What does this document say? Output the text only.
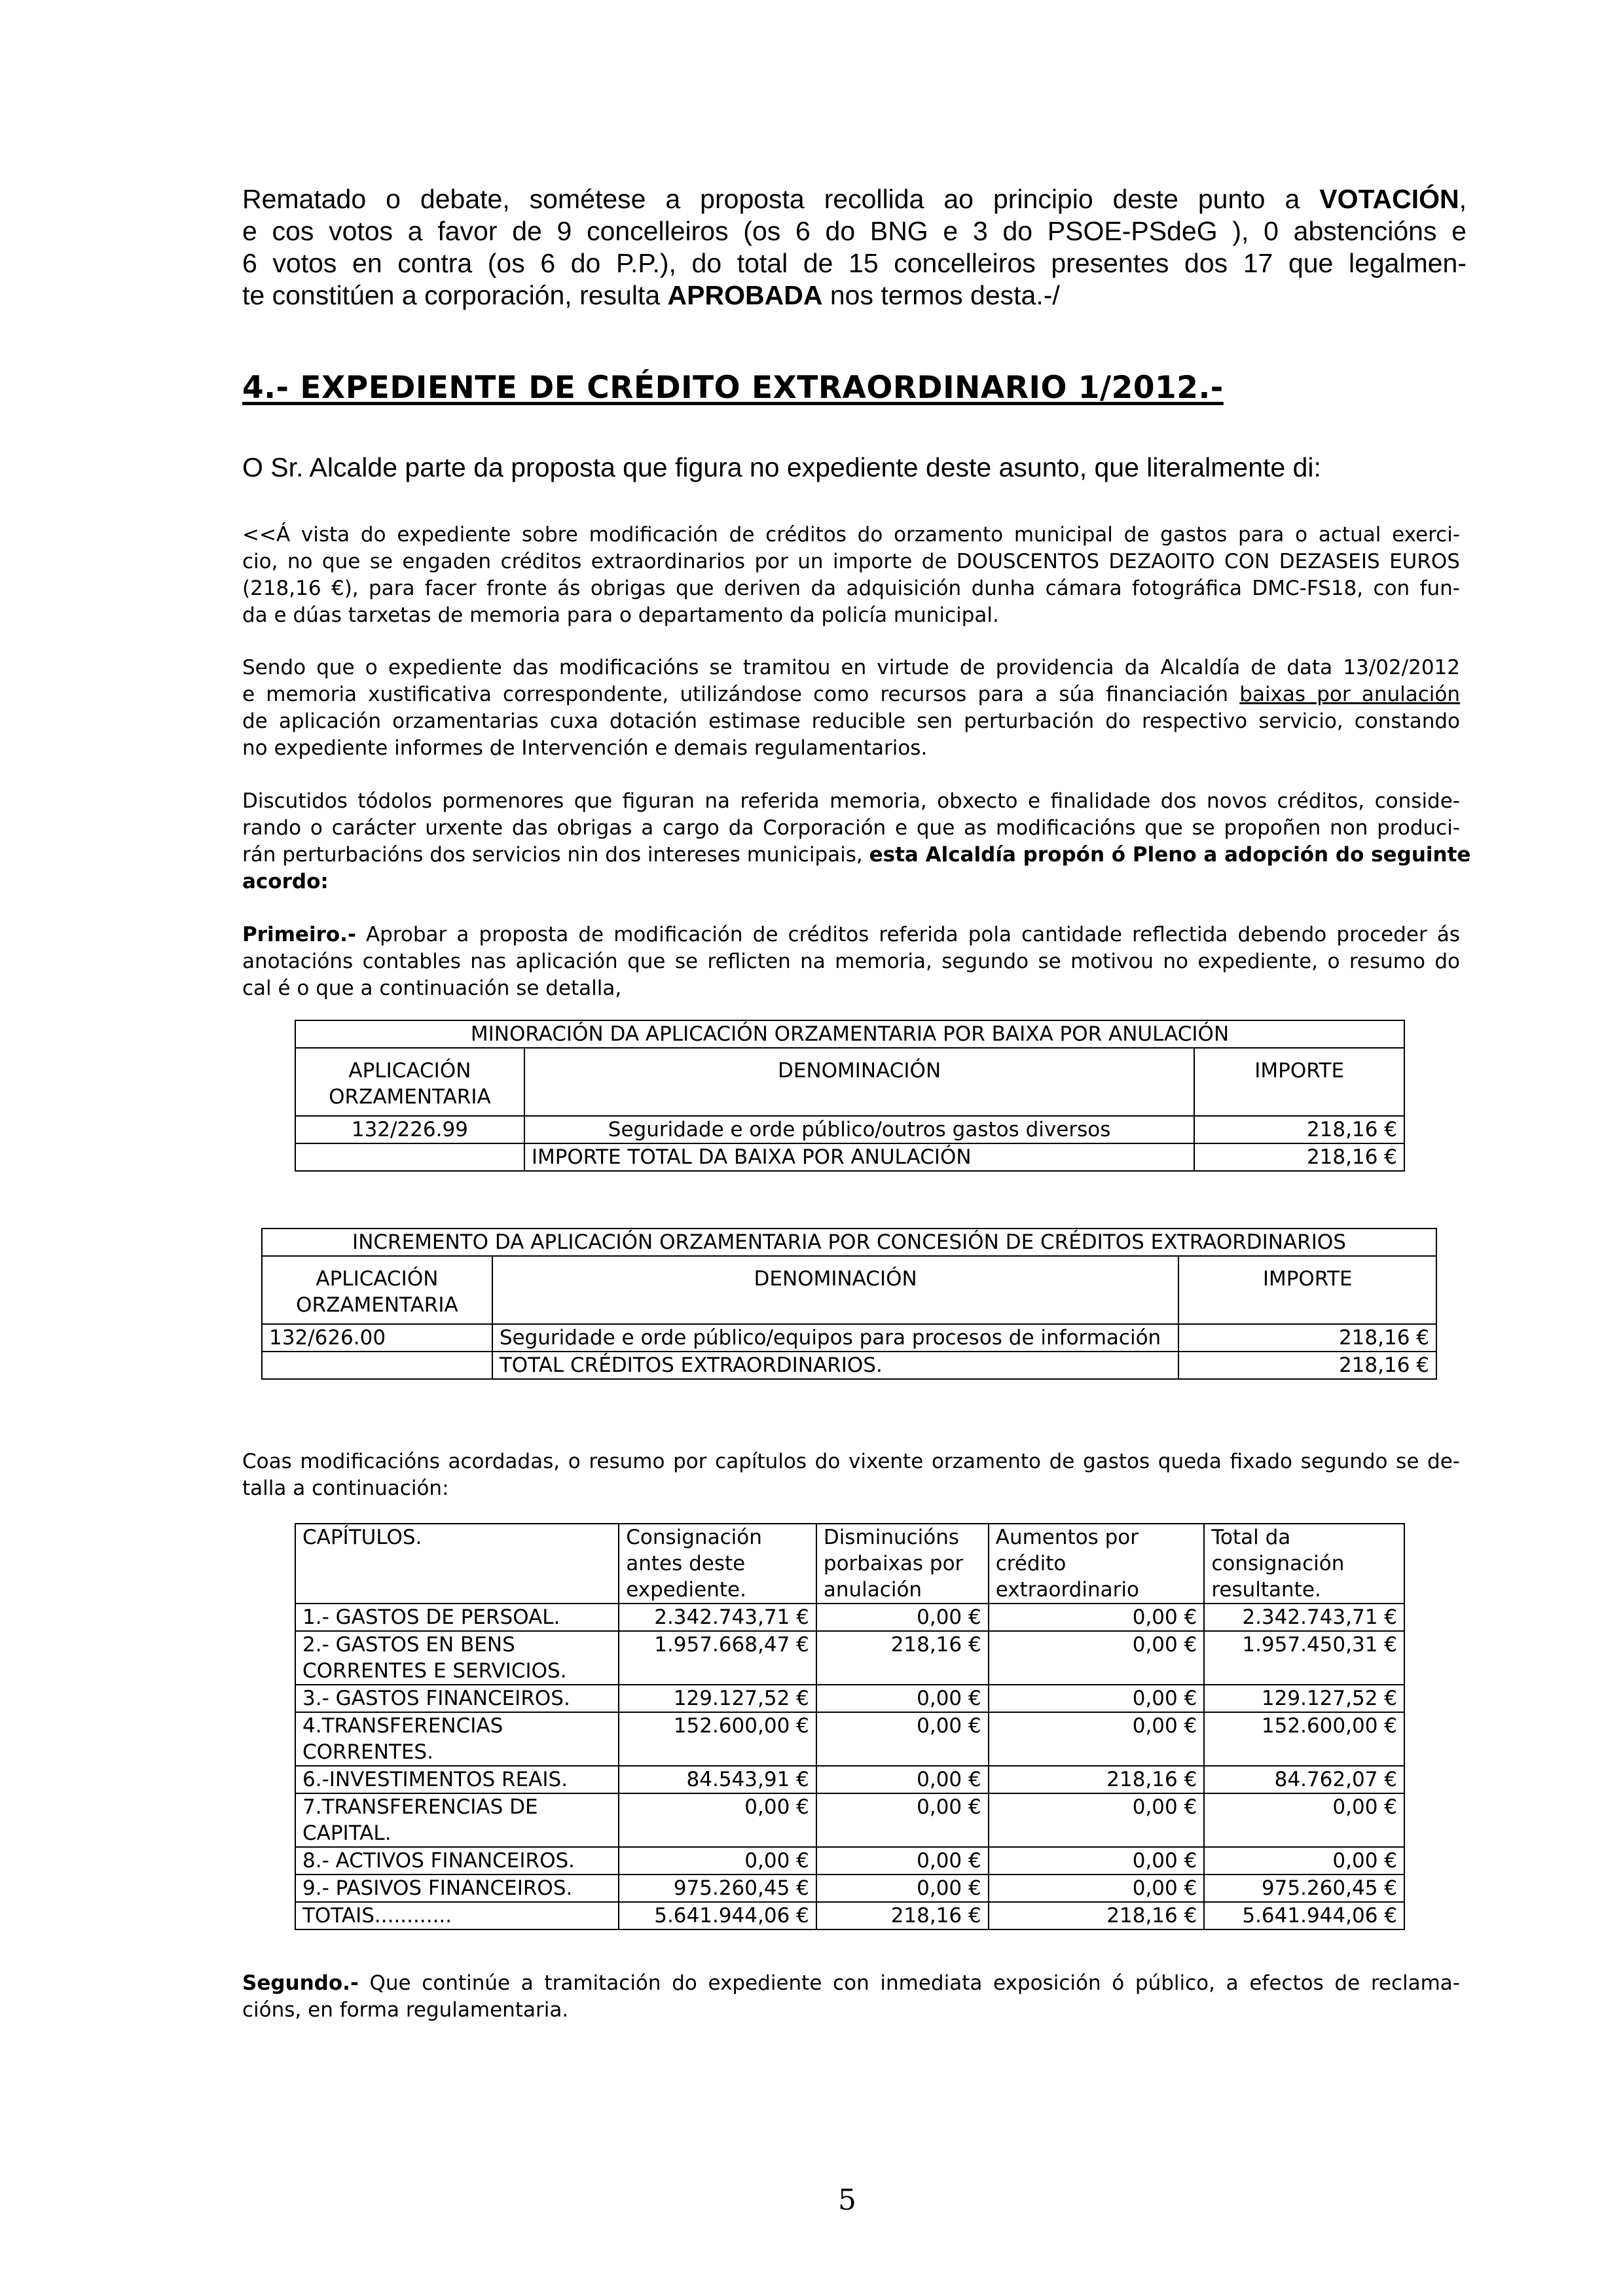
Rematado o debate, sométese a proposta recollida ao principio deste punto a VOTACIÓN,
e cos votos a favor de 9 concelleiros (os 6 do BNG e 3 do PSOE-PSdeG ), 0 abstencións e
6 votos en contra (os 6 do P.P.), do total de 15 concelleiros presentes dos 17 que legalmen-
te constitúen a corporación, resulta APROBADA nos termos desta.-/
4.- EXPEDIENTE DE CRÉDITO EXTRAORDINARIO 1/2012.-
O Sr. Alcalde parte da proposta que figura no expediente deste asunto, que literalmente di:
<<Á vista do expediente sobre modificación de créditos do orzamento municipal de gastos para o actual exerci-
cio, no que se engaden créditos extraordinarios por un importe de DOUSCENTOS DEZAOITO CON DEZASEIS EUROS
(218,16 €), para facer fronte ás obrigas que deriven da adquisición dunha cámara fotográfica DMC-FS18, con fun-
da e dúas tarxetas de memoria para o departamento da policía municipal.
Sendo que o expediente das modificacións se tramitou en virtude de providencia da Alcaldía de data 13/02/2012
e memoria xustificativa correspondente, utilizándose como recursos para a súa financiación baixas por anulación
de aplicación orzamentarias cuxa dotación estimase reducible sen perturbación do respectivo servicio, constando
no expediente informes de Intervención e demais regulamentarios.
Discutidos tódolos pormenores que figuran na referida memoria, obxecto e finalidade dos novos créditos, conside-
rando o carácter urxente das obrigas a cargo da Corporación e que as modificacións que se propoñen non produci-
rán perturbacións dos servicios nin dos intereses municipais, esta Alcaldía propón ó Pleno a adopción do seguinte
acordo:
Primeiro.- Aprobar a proposta de modificación de créditos referida pola cantidade reflectida debendo proceder ás
anotacións contables nas aplicación que se reflicten na memoria, segundo se motivou no expediente, o resumo do
cal é o que a continuación se detalla,
MINORACIÓN DA APLICACIÓN ORZAMENTARIA POR BAIXA POR ANULACIÓN		
APLICACIÓN ORZAMENTARIA	DENOMINACIÓN	IMPORTE
132/226.99	Seguridade e orde público/outros gastos diversos	218,16 €
	IMPORTE TOTAL DA BAIXA POR ANULACIÓN	218,16 €
INCREMENTO DA APLICACIÓN ORZAMENTARIA POR CONCESIÓN DE CRÉDITOS EXTRAORDINARIOS		
APLICACIÓN ORZAMENTARIA	DENOMINACIÓN	IMPORTE
132/626.00	Seguridade e orde público/equipos para procesos de información	218,16 €
	TOTAL CRÉDITOS EXTRAORDINARIOS.	218,16 €
Coas modificacións acordadas, o resumo por capítulos do vixente orzamento de gastos queda fixado segundo se de-
talla a continuación:
CAPÍTULOS.	Consignación antes deste expediente.	Disminucións porbaixas por anulación	Aumentos por crédito extraordinario	Total da consignación resultante.
1.- GASTOS DE PERSOAL.	2.342.743,71 €	0,00 €	0,00 €	2.342.743,71 €
2.- GASTOS EN BENS CORRENTES E SERVICIOS.	1.957.668,47 €	218,16 €	0,00 €	1.957.450,31 €
3.- GASTOS FINANCEIROS.	129.127,52 €	0,00 €	0,00 €	129.127,52 €
4.TRANSFERENCIAS CORRENTES.	152.600,00 €	0,00 €	0,00 €	152.600,00 €
6.-INVESTIMENTOS REAIS.	84.543,91 €	0,00 €	218,16 €	84.762,07 €
7.TRANSFERENCIAS DE CAPITAL.	0,00 €	0,00 €	0,00 €	0,00 €
8.- ACTIVOS FINANCEIROS.	0,00 €	0,00 €	0,00 €	0,00 €
9.- PASIVOS FINANCEIROS.	975.260,45 €	0,00 €	0,00 €	975.260,45 €
TOTAIS............	5.641.944,06 €	218,16 €	218,16 €	5.641.944,06 €
Segundo.- Que continúe a tramitación do expediente con inmediata exposición ó público, a efectos de reclama-
cións, en forma regulamentaria.
5
